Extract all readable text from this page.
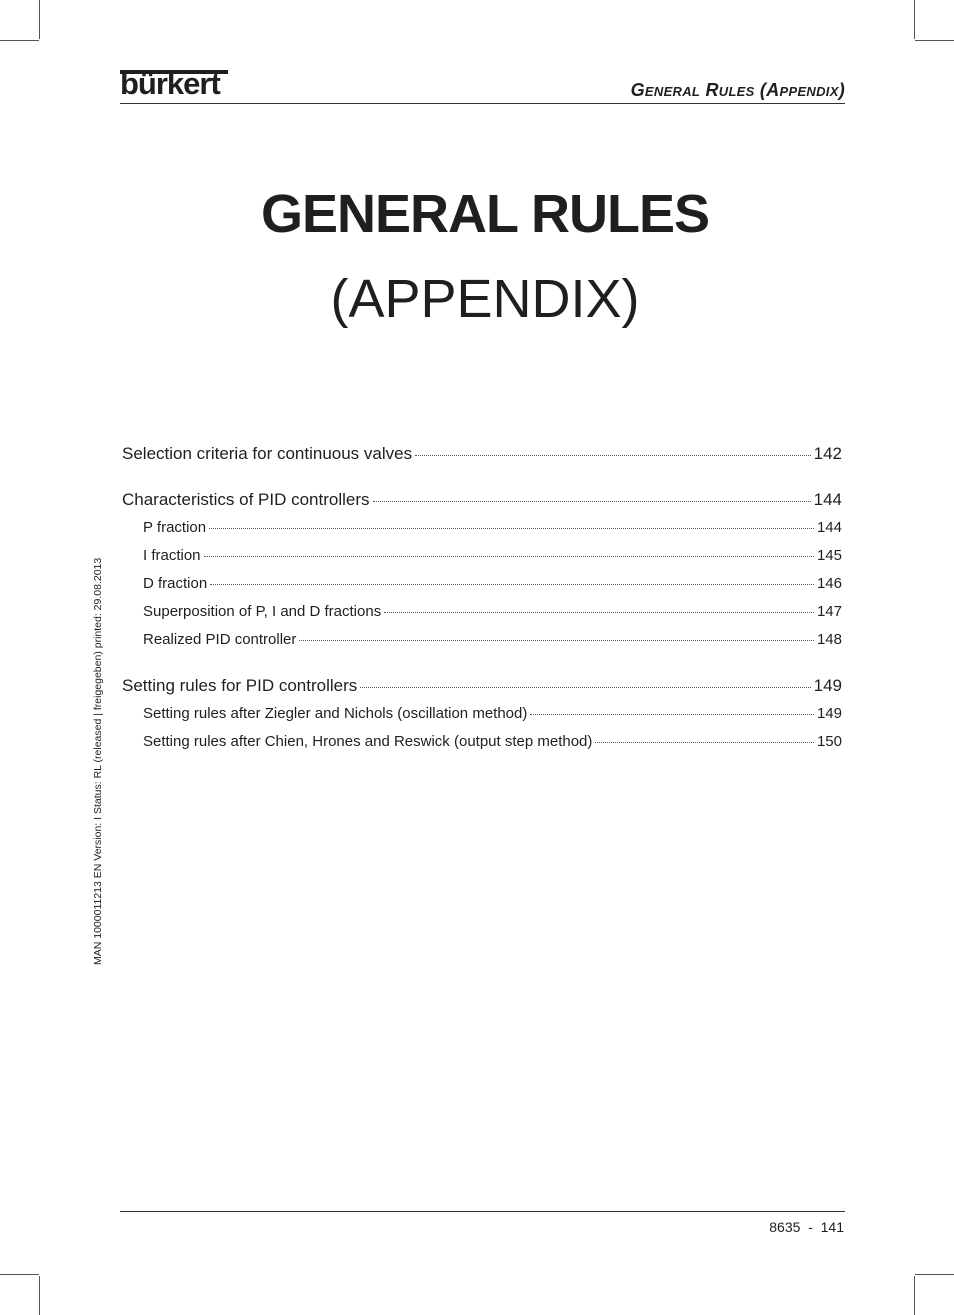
bürkert	General Rules (Appendix)
GENERAL RULES
(APPENDIX)
Selection criteria for continuous valves	142
Characteristics of PID controllers	144
P fraction	144
I fraction	145
D fraction	146
Superposition of P, I and D fractions	147
Realized PID controller	148
Setting rules for PID controllers	149
Setting rules after Ziegler and Nichols (oscillation method)	149
Setting rules after Chien, Hrones and Reswick (output step method)	150
MAN 1000011213 EN Version: I Status: RL (released | freigegeben) printed: 29.08.2013
8635  -  141
